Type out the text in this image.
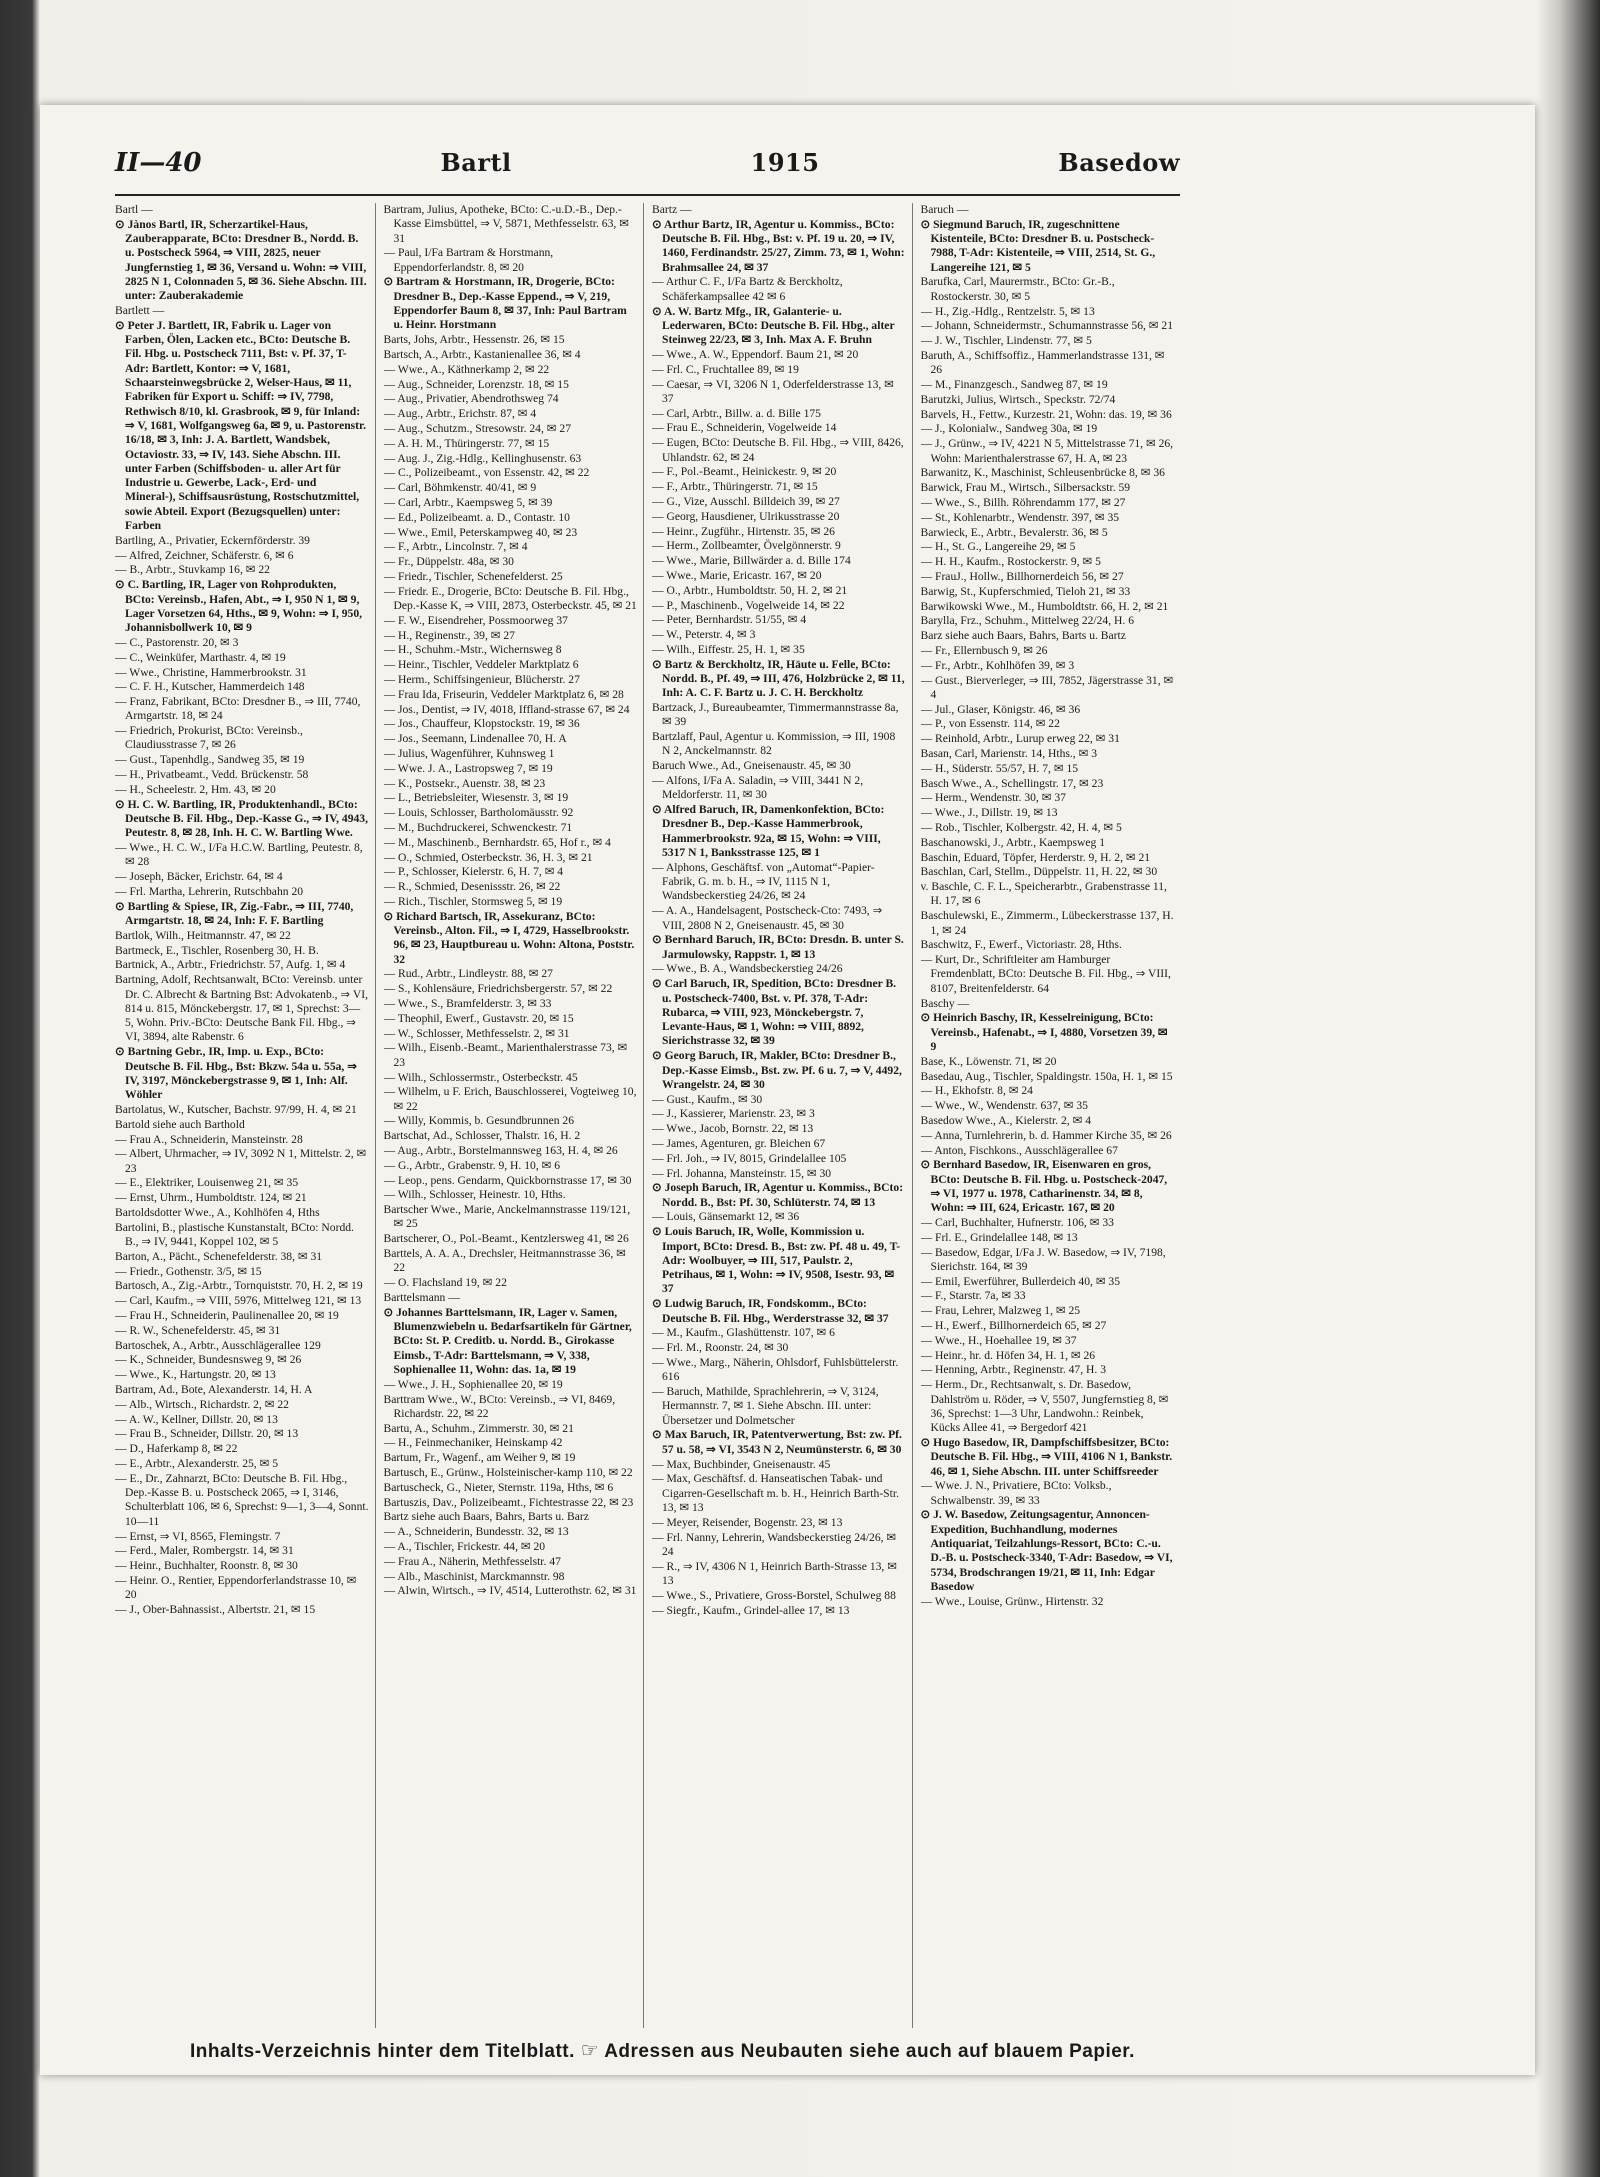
II—40	Bartl	1915	Basedow
Bartl —
⊙ Jànos Bartl, IR, Scherzartikel-Haus, Zauberapparate, BCto: Dresdner B., Nordd. B. u. Postscheck 5964, ⇒ VIII, 2825, neuer Jungfernstieg 1, ✉ 36, Versand u. Wohn: ⇒ VIII, 2825 N 1, Colonnaden 5, ✉ 36. Siehe Abschn. III. unter: Zauberakademie
Bartlett —
⊙ Peter J. Bartlett, IR, Fabrik u. Lager von Farben, Ölen, Lacken etc., BCto: Deutsche B. Fil. Hbg. u. Postscheck 7111, Bst: v. Pf. 37, T-Adr: Bartlett, Kontor: ⇒ V, 1681, Schaarsteinwegsbrücke 2, Welser-Haus, ✉ 11, Fabriken für Export u. Schiff: ⇒ IV, 7798, Rethwisch 8/10, kl. Grasbrook, ✉ 9, für Inland: ⇒ V, 1681, Wolfgangsweg 6a, ✉ 9, u. Pastorenstr. 16/18, ✉ 3, Inh: J. A. Bartlett, Wandsbek, Octaviostr. 33, ⇒ IV, 143. Siehe Abschn. III. unter Farben (Schiffsboden- u. aller Art für Industrie u. Gewerbe, Lack-, Erd- und Mineral-), Schiffsausrüstung, Rostschutzmittel, sowie Abteil. Export (Bezugsquellen) unter: Farben
Bartling, A., Privatier, Eckernförderstr. 39
— Alfred, Zeichner, Schäferstr. 6, ✉ 6
— B., Arbtr., Stuvkamp 16, ✉ 22
⊙ C. Bartling, IR, Lager von Rohprodukten, BCto: Vereinsb., Hafen, Abt., ⇒ I, 950 N 1, ✉ 9, Lager Vorsetzen 64, Hths., ✉ 9, Wohn: ⇒ I, 950, Johannisbollwerk 10, ✉ 9
— C., Pastorenstr. 20, ✉ 3
— C., Weinküfer, Marthastr. 4, ✉ 19
— Wwe., Christine, Hammerbrookstr. 31
— C. F. H., Kutscher, Hammerdeich 148
— Franz, Fabrikant, BCto: Dresdner B., ⇒ III, 7740, Armgartstr. 18, ✉ 24
— Friedrich, Prokurist, BCto: Vereinsb., Claudiusstrasse 7, ✉ 26
— Gust., Tapenhdlg., Sandweg 35, ✉ 19
— H., Privatbeamt., Vedd. Brückenstr. 58
— H., Scheelestr. 2, Hm. 43, ✉ 20
⊙ H. C. W. Bartling, IR, Produktenhandl., BCto: Deutsche B. Fil. Hbg., Dep.-Kasse G., ⇒ IV, 4943, Peutestr. 8, ✉ 28, Inh. H. C. W. Bartling Wwe.
— Wwe., H. C. W., I/Fa H.C.W. Bartling, Peutestr. 8, ✉ 28
— Joseph, Bäcker, Erichstr. 64, ✉ 4
— Frl. Martha, Lehrerin, Rutschbahn 20
⊙ Bartling & Spiese, IR, Zig.-Fabr., ⇒ III, 7740, Armgartstr. 18, ✉ 24, Inh: F. F. Bartling
Bartlok, Wilh., Heitmannstr. 47, ✉ 22
Bartmeck, E., Tischler, Rosenberg 30, H. B.
Bartnick, A., Arbtr., Friedrichstr. 57, Aufg. 1, ✉ 4
Bartning, Adolf, Rechtsanwalt, BCto: Vereinsb. unter Dr. C. Albrecht & Bartning Bst: Advokatenb., ⇒ VI, 814 u. 815, Mönckebergstr. 17, ✉ 1, Sprechst: 3—5, Wohn. Priv.-BCto: Deutsche Bank Fil. Hbg., ⇒ VI, 3894, alte Rabenstr. 6
⊙ Bartning Gebr., IR, Imp. u. Exp., BCto: Deutsche B. Fil. Hbg., Bst: Bkzw. 54a u. 55a, ⇒ IV, 3197, Mönckebergstrasse 9, ✉ 1, Inh: Alf. Wöhler
Bartolatus, W., Kutscher, Bachstr. 97/99, H. 4, ✉ 21
Bartold siehe auch Barthold
— Frau A., Schneiderin, Mansteinstr. 28
— Albert, Uhrmacher, ⇒ IV, 3092 N 1, Mittelstr. 2, ✉ 23
— E., Elektriker, Louisenweg 21, ✉ 35
— Ernst, Uhrm., Humboldtstr. 124, ✉ 21
Bartoldsdotter Wwe., A., Kohlhöfen 4, Hths
Bartolini, B., plastische Kunstanstalt, BCto: Nordd. B., ⇒ IV, 9441, Koppel 102, ✉ 5
Barton, A., Pächt., Schenefelderstr. 38, ✉ 31
— Friedr., Gothenstr. 3/5, ✉ 15
Bartosch, A., Zig.-Arbtr., Tornquiststr. 70, H. 2, ✉ 19
— Carl, Kaufm., ⇒ VIII, 5976, Mittelweg 121, ✉ 13
— Frau H., Schneiderin, Paulinenallee 20, ✉ 19
— R. W., Schenefelderstr. 45, ✉ 31
Bartoschek, A., Arbtr., Ausschlägerallee 129
— K., Schneider, Bundesnsweg 9, ✉ 26
— Wwe., K., Hartungstr. 20, ✉ 13
Bartram, Ad., Bote, Alexanderstr. 14, H. A
— Alb., Wirtsch., Richardstr. 2, ✉ 22
— A. W., Kellner, Dillstr. 20, ✉ 13
— Frau B., Schneider, Dillstr. 20, ✉ 13
— D., Haferkamp 8, ✉ 22
— E., Arbtr., Alexanderstr. 25, ✉ 5
— E., Dr., Zahnarzt, BCto: Deutsche B. Fil. Hbg., Dep.-Kasse B. u. Postscheck 2065, ⇒ I, 3146, Schulterblatt 106, ✉ 6, Sprechst: 9—1, 3—4, Sonnt. 10—11
— Ernst, ⇒ VI, 8565, Flemingstr. 7
— Ferd., Maler, Rombergstr. 14, ✉ 31
— Heinr., Buchhalter, Roonstr. 8, ✉ 30
— Heinr. O., Rentier, Eppendorferlandstrasse 10, ✉ 20
— J., Ober-Bahnassist., Albertstr. 21, ✉ 15
Bartram, Julius, Apotheke, BCto: C.-u.D.-B., Dep.-Kasse Eimsbüttel, ⇒ V, 5871, Methfesselstr. 63, ✉ 31
— Paul, I/Fa Bartram & Horstmann, Eppendorferlandstr. 8, ✉ 20
⊙ Bartram & Horstmann, IR, Drogerie, BCto: Dresdner B., Dep.-Kasse Eppend., ⇒ V, 219, Eppendorfer Baum 8, ✉ 37, Inh: Paul Bartram u. Heinr. Horstmann
Barts, Johs, Arbtr., Hessenstr. 26, ✉ 15
Bartsch, A., Arbtr., Kastanienallee 36, ✉ 4
— Wwe., A., Käthnerkamp 2, ✉ 22
— Aug., Schneider, Lorenzstr. 18, ✉ 15
— Aug., Privatier, Abendrothsweg 74
— Aug., Arbtr., Erichstr. 87, ✉ 4
— Aug., Schutzm., Stresowstr. 24, ✉ 27
— A. H. M., Thüringerstr. 77, ✉ 15
— Aug. J., Zig.-Hdlg., Kellinghusenstr. 63
— C., Polizeibeamt., von Essenstr. 42, ✉ 22
— Carl, Böhmkenstr. 40/41, ✉ 9
— Carl, Arbtr., Kaempsweg 5, ✉ 39
— Ed., Polizeibeamt. a. D., Contastr. 10
— Wwe., Emil, Peterskampweg 40, ✉ 23
— F., Arbtr., Lincolnstr. 7, ✉ 4
— Fr., Düppelstr. 48a, ✉ 30
— Friedr., Tischler, Schenefelderst. 25
— Friedr. E., Drogerie, BCto: Deutsche B. Fil. Hbg., Dep.-Kasse K, ⇒ VIII, 2873, Osterbeckstr. 45, ✉ 21
— F. W., Eisendreher, Possmoorweg 37
— H., Reginenstr., 39, ✉ 27
— H., Schuhm.-Mstr., Wichernsweg 8
— Heinr., Tischler, Veddeler Marktplatz 6
— Herm., Schiffsingenieur, Blücherstr. 27
— Frau Ida, Friseurin, Veddeler Marktplatz 6, ✉ 28
— Jos., Dentist, ⇒ IV, 4018, Iffland-strasse 67, ✉ 24
— Jos., Chauffeur, Klopstockstr. 19, ✉ 36
— Jos., Seemann, Lindenallee 70, H. A
— Julius, Wagenführer, Kuhnsweg 1
— Wwe. J. A., Lastropsweg 7, ✉ 19
— K., Postsekr., Auenstr. 38, ✉ 23
— L., Betriebsleiter, Wiesenstr. 3, ✉ 19
— Louis, Schlosser, Bartholomäusstr. 92
— M., Buchdruckerei, Schwenckestr. 71
— M., Maschinenb., Bernhardstr. 65, Hof r., ✉ 4
— O., Schmied, Osterbeckstr. 36, H. 3, ✉ 21
— P., Schlosser, Kielerstr. 6, H. 7, ✉ 4
— R., Schmied, Desenissstr. 26, ✉ 22
— Rich., Tischler, Stormsweg 5, ✉ 19
⊙ Richard Bartsch, IR, Assekuranz, BCto: Vereinsb., Alton. Fil., ⇒ I, 4729, Hasselbrookstr. 96, ✉ 23, Hauptbureau u. Wohn: Altona, Poststr. 32
— Rud., Arbtr., Lindleystr. 88, ✉ 27
— S., Kohlensäure, Friedrichsbergerstr. 57, ✉ 22
— Wwe., S., Bramfelderstr. 3, ✉ 33
— Theophil, Ewerf., Gustavstr. 20, ✉ 15
— W., Schlosser, Methfesselstr. 2, ✉ 31
— Wilh., Eisenb.-Beamt., Marienthalerstrasse 73, ✉ 23
— Wilh., Schlossermstr., Osterbeckstr. 45
— Wilhelm, u F. Erich, Bauschlosserei, Vogteiweg 10, ✉ 22
— Willy, Kommis, b. Gesundbrunnen 26
Bartschat, Ad., Schlosser, Thalstr. 16, H. 2
— Aug., Arbtr., Borstelmannsweg 163, H. 4, ✉ 26
— G., Arbtr., Grabenstr. 9, H. 10, ✉ 6
— Leop., pens. Gendarm, Quickbornstrasse 17, ✉ 30
— Wilh., Schlosser, Heinestr. 10, Hths.
Bartscher Wwe., Marie, Anckelmannstrasse 119/121, ✉ 25
Bartscherer, O., Pol.-Beamt., Kentzlersweg 41, ✉ 26
Barttels, A. A. A., Drechsler, Heitmannstrasse 36, ✉ 22
— O. Flachsland 19, ✉ 22
Barttelsmann —
⊙ Johannes Barttelsmann, IR, Lager v. Samen, Blumenzwiebeln u. Bedarfsartikeln für Gärtner, BCto: St. P. Creditb. u. Nordd. B., Girokasse Eimsb., T-Adr: Barttelsmann, ⇒ V, 338, Sophienallee 11, Wohn: das. 1a, ✉ 19
— Wwe., J. H., Sophienallee 20, ✉ 19
Barttram Wwe., W., BCto: Vereinsb., ⇒ VI, 8469, Richardstr. 22, ✉ 22
Bartu, A., Schuhm., Zimmerstr. 30, ✉ 21
— H., Feinmechaniker, Heinskamp 42
Bartum, Fr., Wagenf., am Weiher 9, ✉ 19
Bartusch, E., Grünw., Holsteinischer-kamp 110, ✉ 22
Bartuscheck, G., Nieter, Sternstr. 119a, Hths, ✉ 6
Bartuszis, Dav., Polizeibeamt., Fichtestrasse 22, ✉ 23
Bartz siehe auch Baars, Bahrs, Barts u. Barz
— A., Schneiderin, Bundesstr. 32, ✉ 13
— A., Tischler, Frickestr. 44, ✉ 20
— Frau A., Näherin, Methfesselstr. 47
— Alb., Maschinist, Marckmannstr. 98
— Alwin, Wirtsch., ⇒ IV, 4514, Lutterothstr. 62, ✉ 31
Bartz —
⊙ Arthur Bartz, IR, Agentur u. Kommiss., BCto: Deutsche B. Fil. Hbg., Bst: v. Pf. 19 u. 20, ⇒ IV, 1460, Ferdinandstr. 25/27, Zimm. 73, ✉ 1, Wohn: Brahmsallee 24, ✉ 37
— Arthur C. F., I/Fa Bartz & Berckholtz, Schäferkampsallee 42 ✉ 6
⊙ A. W. Bartz Mfg., IR, Galanterie- u. Lederwaren, BCto: Deutsche B. Fil. Hbg., alter Steinweg 22/23, ✉ 3, Inh. Max A. F. Bruhn
— Wwe., A. W., Eppendorf. Baum 21, ✉ 20
— Frl. C., Fruchtallee 89, ✉ 19
— Caesar, ⇒ VI, 3206 N 1, Oderfelderstrasse 13, ✉ 37
— Carl, Arbtr., Billw. a. d. Bille 175
— Frau E., Schneiderin, Vogelweide 14
— Eugen, BCto: Deutsche B. Fil. Hbg., ⇒ VIII, 8426, Uhlandstr. 62, ✉ 24
— F., Pol.-Beamt., Heinickestr. 9, ✉ 20
— F., Arbtr., Thüringerstr. 71, ✉ 15
— G., Vize, Ausschl. Billdeich 39, ✉ 27
— Georg, Hausdiener, Ulrikusstrasse 20
— Heinr., Zugführ., Hirtenstr. 35, ✉ 26
— Herm., Zollbeamter, Övelgönnerstr. 9
— Wwe., Marie, Billwärder a. d. Bille 174
— Wwe., Marie, Ericastr. 167, ✉ 20
— O., Arbtr., Humboldtstr. 50, H. 2, ✉ 21
— P., Maschinenb., Vogelweide 14, ✉ 22
— Peter, Bernhardstr. 51/55, ✉ 4
— W., Peterstr. 4, ✉ 3
— Wilh., Eiffestr. 25, H. 1, ✉ 35
⊙ Bartz & Berckholtz, IR, Häute u. Felle, BCto: Nordd. B., Pf. 49, ⇒ III, 476, Holzbrücke 2, ✉ 11, Inh: A. C. F. Bartz u. J. C. H. Berckholtz
Bartzack, J., Bureaubeamter, Timmermannstrasse 8a, ✉ 39
Bartzlaff, Paul, Agentur u. Kommission, ⇒ III, 1908 N 2, Anckelmannstr. 82
Baruch Wwe., Ad., Gneisenaustr. 45, ✉ 30
— Alfons, I/Fa A. Saladin, ⇒ VIII, 3441 N 2, Meldorferstr. 11, ✉ 30
⊙ Alfred Baruch, IR, Damenkonfektion, BCto: Dresdner B., Dep.-Kasse Hammerbrook, Hammerbrookstr. 92a, ✉ 15, Wohn: ⇒ VIII, 5317 N 1, Banksstrasse 125, ✉ 1
— Alphons, Geschäftsf. von „Automat“-Papier-Fabrik, G. m. b. H., ⇒ IV, 1115 N 1, Wandsbeckerstieg 24/26, ✉ 24
— A. A., Handelsagent, Postscheck-Cto: 7493, ⇒ VIII, 2808 N 2, Gneisenaustr. 45, ✉ 30
⊙ Bernhard Baruch, IR, BCto: Dresdn. B. unter S. Jarmulowsky, Rappstr. 1, ✉ 13
— Wwe., B. A., Wandsbeckerstieg 24/26
⊙ Carl Baruch, IR, Spedition, BCto: Dresdner B. u. Postscheck-7400, Bst. v. Pf. 378, T-Adr: Rubarca, ⇒ VIII, 923, Mönckebergstr. 7, Levante-Haus, ✉ 1, Wohn: ⇒ VIII, 8892, Sierichstrasse 32, ✉ 39
⊙ Georg Baruch, IR, Makler, BCto: Dresdner B., Dep.-Kasse Eimsb., Bst. zw. Pf. 6 u. 7, ⇒ V, 4492, Wrangelstr. 24, ✉ 30
— Gust., Kaufm., ✉ 30
— J., Kassierer, Marienstr. 23, ✉ 3
— Wwe., Jacob, Bornstr. 22, ✉ 13
— James, Agenturen, gr. Bleichen 67
— Frl. Joh., ⇒ IV, 8015, Grindelallee 105
— Frl. Johanna, Mansteinstr. 15, ✉ 30
⊙ Joseph Baruch, IR, Agentur u. Kommiss., BCto: Nordd. B., Bst: Pf. 30, Schlüterstr. 74, ✉ 13
— Louis, Gänsemarkt 12, ✉ 36
⊙ Louis Baruch, IR, Wolle, Kommission u. Import, BCto: Dresd. B., Bst: zw. Pf. 48 u. 49, T-Adr: Woolbuyer, ⇒ III, 517, Paulstr. 2, Petrihaus, ✉ 1, Wohn: ⇒ IV, 9508, Isestr. 93, ✉ 37
⊙ Ludwig Baruch, IR, Fondskomm., BCto: Deutsche B. Fil. Hbg., Werderstrasse 32, ✉ 37
— M., Kaufm., Glashüttenstr. 107, ✉ 6
— Frl. M., Roonstr. 24, ✉ 30
— Wwe., Marg., Näherin, Ohlsdorf, Fuhlsbüttelerstr. 616
— Baruch, Mathilde, Sprachlehrerin, ⇒ V, 3124, Hermannstr. 7, ✉ 1. Siehe Abschn. III. unter: Übersetzer und Dolmetscher
⊙ Max Baruch, IR, Patentverwertung, Bst: zw. Pf. 57 u. 58, ⇒ VI, 3543 N 2, Neumünsterstr. 6, ✉ 30
— Max, Buchbinder, Gneisenaustr. 45
— Max, Geschäftsf. d. Hanseatischen Tabak- und Cigarren-Gesellschaft m. b. H., Heinrich Barth-Str. 13, ✉ 13
— Meyer, Reisender, Bogenstr. 23, ✉ 13
— Frl. Nanny, Lehrerin, Wandsbeckerstieg 24/26, ✉ 24
— R., ⇒ IV, 4306 N 1, Heinrich Barth-Strasse 13, ✉ 13
— Wwe., S., Privatiere, Gross-Borstel, Schulweg 88
— Siegfr., Kaufm., Grindel-allee 17, ✉ 13
Baruch —
⊙ Siegmund Baruch, IR, zugeschnittene Kistenteile, BCto: Dresdner B. u. Postscheck- 7988, T-Adr: Kistenteile, ⇒ VIII, 2514, St. G., Langereihe 121, ✉ 5
Barufka, Carl, Maurermstr., BCto: Gr.-B., Rostockerstr. 30, ✉ 5
— H., Zig.-Hdlg., Rentzelstr. 5, ✉ 13
— Johann, Schneidermstr., Schumannstrasse 56, ✉ 21
— J. W., Tischler, Lindenstr. 77, ✉ 5
Baruth, A., Schiffsoffiz., Hammerlandstrasse 131, ✉ 26
— M., Finanzgesch., Sandweg 87, ✉ 19
Barutzki, Julius, Wirtsch., Speckstr. 72/74
Barvels, H., Fettw., Kurzestr. 21, Wohn: das. 19, ✉ 36
— J., Kolonialw., Sandweg 30a, ✉ 19
— J., Grünw., ⇒ IV, 4221 N 5, Mittelstrasse 71, ✉ 26, Wohn: Marienthalerstrasse 67, H. A, ✉ 23
Barwanitz, K., Maschinist, Schleusenbrücke 8, ✉ 36
Barwick, Frau M., Wirtsch., Silbersackstr. 59
— Wwe., S., Billh. Röhrendamm 177, ✉ 27
— St., Kohlenarbtr., Wendenstr. 397, ✉ 35
Barwieck, E., Arbtr., Bevalerstr. 36, ✉ 5
— H., St. G., Langereihe 29, ✉ 5
— H. H., Kaufm., Rostockerstr. 9, ✉ 5
— FrauJ., Hollw., Billhornerdeich 56, ✉ 27
Barwig, St., Kupferschmied, Tieloh 21, ✉ 33
Barwikowski Wwe., M., Humboldtstr. 66, H. 2, ✉ 21
Barylla, Frz., Schuhm., Mittelweg 22/24, H. 6
Barz siehe auch Baars, Bahrs, Barts u. Bartz
— Fr., Ellernbusch 9, ✉ 26
— Fr., Arbtr., Kohlhöfen 39, ✉ 3
— Gust., Bierverleger, ⇒ III, 7852, Jägerstrasse 31, ✉ 4
— Jul., Glaser, Königstr. 46, ✉ 36
— P., von Essenstr. 114, ✉ 22
— Reinhold, Arbtr., Lurup erweg 22, ✉ 31
Basan, Carl, Marienstr. 14, Hths., ✉ 3
— H., Süderstr. 55/57, H. 7, ✉ 15
Basch Wwe., A., Schellingstr. 17, ✉ 23
— Herm., Wendenstr. 30, ✉ 37
— Wwe., J., Dillstr. 19, ✉ 13
— Rob., Tischler, Kolbergstr. 42, H. 4, ✉ 5
Baschanowski, J., Arbtr., Kaempsweg 1
Baschin, Eduard, Töpfer, Herderstr. 9, H. 2, ✉ 21
Baschlan, Carl, Stellm., Düppelstr. 11, H. 22, ✉ 30
v. Baschle, C. F. L., Speicherarbtr., Grabenstrasse 11, H. 17, ✉ 6
Baschulewski, E., Zimmerm., Lübeckerstrasse 137, H. 1, ✉ 24
Baschwitz, F., Ewerf., Victoriastr. 28, Hths.
— Kurt, Dr., Schriftleiter am Hamburger Fremdenblatt, BCto: Deutsche B. Fil. Hbg., ⇒ VIII, 8107, Breitenfelderstr. 64
Baschy —
⊙ Heinrich Baschy, IR, Kesselreinigung, BCto: Vereinsb., Hafenabt., ⇒ I, 4880, Vorsetzen 39, ✉ 9
Base, K., Löwenstr. 71, ✉ 20
Basedau, Aug., Tischler, Spaldingstr. 150a, H. 1, ✉ 15
— H., Ekhofstr. 8, ✉ 24
— Wwe., W., Wendenstr. 637, ✉ 35
Basedow Wwe., A., Kielerstr. 2, ✉ 4
— Anna, Turnlehrerin, b. d. Hammer Kirche 35, ✉ 26
— Anton, Fischkons., Ausschlägerallee 67
⊙ Bernhard Basedow, IR, Eisenwaren en gros, BCto: Deutsche B. Fil. Hbg. u. Postscheck-2047, ⇒ VI, 1977 u. 1978, Catharinenstr. 34, ✉ 8, Wohn: ⇒ III, 624, Ericastr. 167, ✉ 20
— Carl, Buchhalter, Hufnerstr. 106, ✉ 33
— Frl. E., Grindelallee 148, ✉ 13
— Basedow, Edgar, I/Fa J. W. Basedow, ⇒ IV, 7198, Sierichstr. 164, ✉ 39
— Emil, Ewerführer, Bullerdeich 40, ✉ 35
— F., Starstr. 7a, ✉ 33
— Frau, Lehrer, Malzweg 1, ✉ 25
— H., Ewerf., Billhornerdeich 65, ✉ 27
— Wwe., H., Hoehallee 19, ✉ 37
— Heinr., hr. d. Höfen 34, H. 1, ✉ 26
— Henning, Arbtr., Reginenstr. 47, H. 3
— Herm., Dr., Rechtsanwalt, s. Dr. Basedow, Dahlström u. Röder, ⇒ V, 5507, Jungfernstieg 8, ✉ 36, Sprechst: 1—3 Uhr, Landwohn.: Reinbek, Kücks Allee 41, ⇒ Bergedorf 421
⊙ Hugo Basedow, IR, Dampfschiffsbesitzer, BCto: Deutsche B. Fil. Hbg., ⇒ VIII, 4106 N 1, Bankstr. 46, ✉ 1, Siehe Abschn. III. unter Schiffsreeder
— Wwe. J. N., Privatiere, BCto: Volksb., Schwalbenstr. 39, ✉ 33
⊙ J. W. Basedow, Zeitungsagentur, Annoncen-Expedition, Buchhandlung, modernes Antiquariat, Teilzahlungs-Ressort, BCto: C.-u. D.-B. u. Postscheck-3340, T-Adr: Basedow, ⇒ VI, 5734, Brodschrangen 19/21, ✉ 11, Inh: Edgar Basedow
— Wwe., Louise, Grünw., Hirtenstr. 32
Inhalts-Verzeichnis hinter dem Titelblatt. ☞ Adressen aus Neubauten siehe auch auf blauem Papier.
